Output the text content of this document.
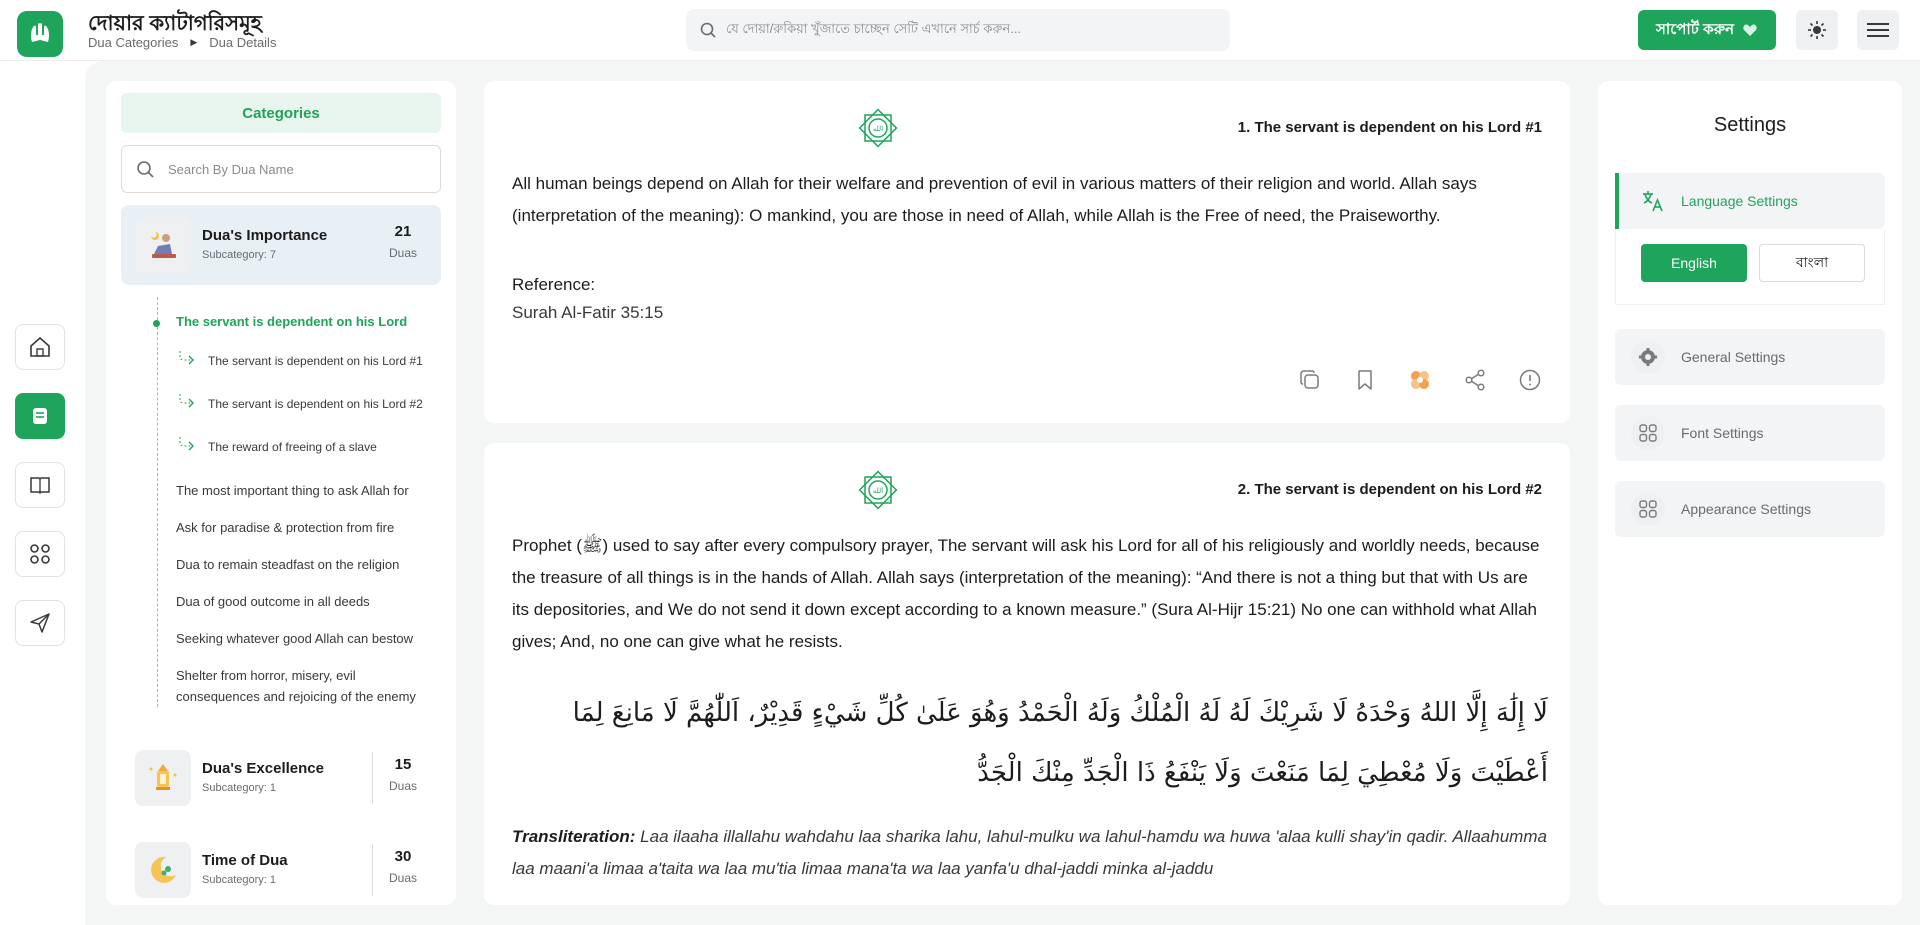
দোয়ার ক্যাটাগরিসমূহ
Dua Categories ▶ Dua Details
যে দোয়া/রুকিয়া খুঁজাতে চাচ্ছেন সেটি এখানে সার্চ করুন...	সাপোর্ট করুন
Categories
Search By Dua Name
Dua's Importance
Subcategory: 7
21
Duas
The servant is dependent on his Lord
The servant is dependent on his Lord #1
The servant is dependent on his Lord #2
The reward of freeing of a slave
The most important thing to ask Allah for
Ask for paradise & protection from fire
Dua to remain steadfast on the religion
Dua of good outcome in all deeds
Seeking whatever good Allah can bestow
Shelter from horror, misery, evil consequences and rejoicing of the enemy
Dua's Excellence
Subcategory: 1
15
Duas
Time of Dua
Subcategory: 1
30
Duas
الله	1. The servant is dependent on his Lord #1
All human beings depend on Allah for their welfare and prevention of evil in various matters of their religion and world. Allah says (interpretation of the meaning): O mankind, you are those in need of Allah, while Allah is the Free of need, the Praiseworthy.
Reference:
Surah Al-Fatir 35:15
الله	2. The servant is dependent on his Lord #2
Prophet (ﷺ) used to say after every compulsory prayer, The servant will ask his Lord for all of his religiously and worldly needs, because the treasure of all things is in the hands of Allah. Allah says (interpretation of the meaning): “And there is not a thing but that with Us are its depositories, and We do not send it down except according to a known measure.” (Sura Al-Hijr 15:21) No one can withhold what Allah gives; And, no one can give what he resists.
لَا إِلَٰهَ إِلَّا اللهُ وَحْدَهُ لَا شَرِيْكَ لَهُ لَهُ الْمُلْكُ وَلَهُ الْحَمْدُ وَهُوَ عَلَىٰ كُلِّ شَيْءٍ قَدِيْرٌ، اَللّٰهُمَّ لَا مَانِعَ لِمَا أَعْطَيْتَ وَلَا مُعْطِيَ لِمَا مَنَعْتَ وَلَا يَنْفَعُ ذَا الْجَدِّ مِنْكَ الْجَدُّ
Transliteration: Laa ilaaha illallahu wahdahu laa sharika lahu, lahul-mulku wa lahul-hamdu wa huwa 'alaa kulli shay'in qadir. Allaahumma laa maani'a limaa a'taita wa laa mu'tia limaa mana'ta wa laa yanfa'u dhal-jaddi minka al-jaddu
Settings
Language Settings
English	বাংলা
General Settings
Font Settings
Appearance Settings
